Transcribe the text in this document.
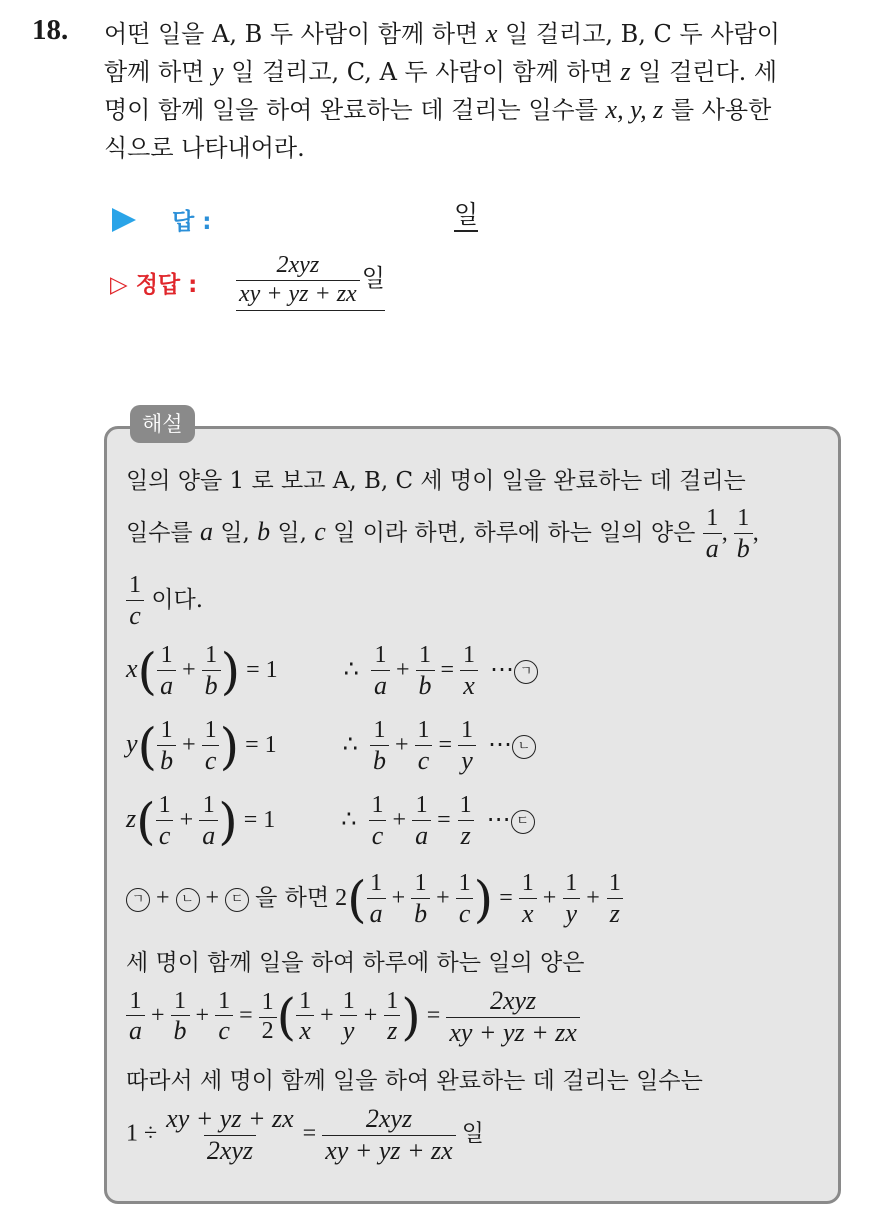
18. 어떤 일을 A, B 두 사람이 함께 하면 x 일 걸리고, B, C 두 사람이
함께 하면 y 일 걸리고, C, A 두 사람이 함께 하면 z 일 걸린다. 세
명이 함께 일을 하여 완료하는 데 걸리는 일수를 x, y, z 를 사용한
식으로 나타내어라.
답 :	일
▷ 정답 : $\frac{\text{2xyz}}{xy + yz + zx}$ 일
해설
일의 양을 1 로 보고 A, B, C 세 명이 일을 완료하는 데 걸리는
일수를 a 일, b 일, c 일 이라 하면, 하루에 하는 일의 양은 $\frac{1}{a}$ , $\frac{1}{b}$ ,
$\frac{1}{c}$ 이다.
$x( \frac{1}{a} + \frac{1}{b}$ ) = 1	∴ $\frac{1}{a} + \frac{1}{b} = \frac{1}{x}$ ⋯ ㄱ
$y( \frac{1}{b} + \frac{1}{c}$ ) = 1	∴ $\frac{1}{b} + \frac{1}{c} = \frac{1}{y}$ ⋯ ㄴ
$z( \frac{1}{c} + \frac{1}{a}$ ) = 1	∴ $\frac{1}{c} + \frac{1}{a} = \frac{1}{z}$ ⋯ ㄷ
ㄱ + ㄴ + ㄷ 을 하면 $2( \frac{1}{a} + \frac{1}{b} + \frac{1}{c}$ ) = $\frac{1}{x} + \frac{1}{y} + \frac{1}{z}$
세 명이 함께 일을 하여 하루에 하는 일의 양은
$\frac{1}{a} + \frac{1}{b} + \frac{1}{c} = \frac{1}{2}$ ( $\frac{1}{x} + \frac{1}{y} + \frac{1}{z}$ ) = $\frac{\text{2xyz}}{xy + yz + zx}$
따라서 세 명이 함께 일을 하여 완료하는 데 걸리는 일수는
$1 \div \frac{xy + yz + zx}{\text{2xyz}} = \frac{\text{2xyz}}{xy + yz + zx}$ 일
